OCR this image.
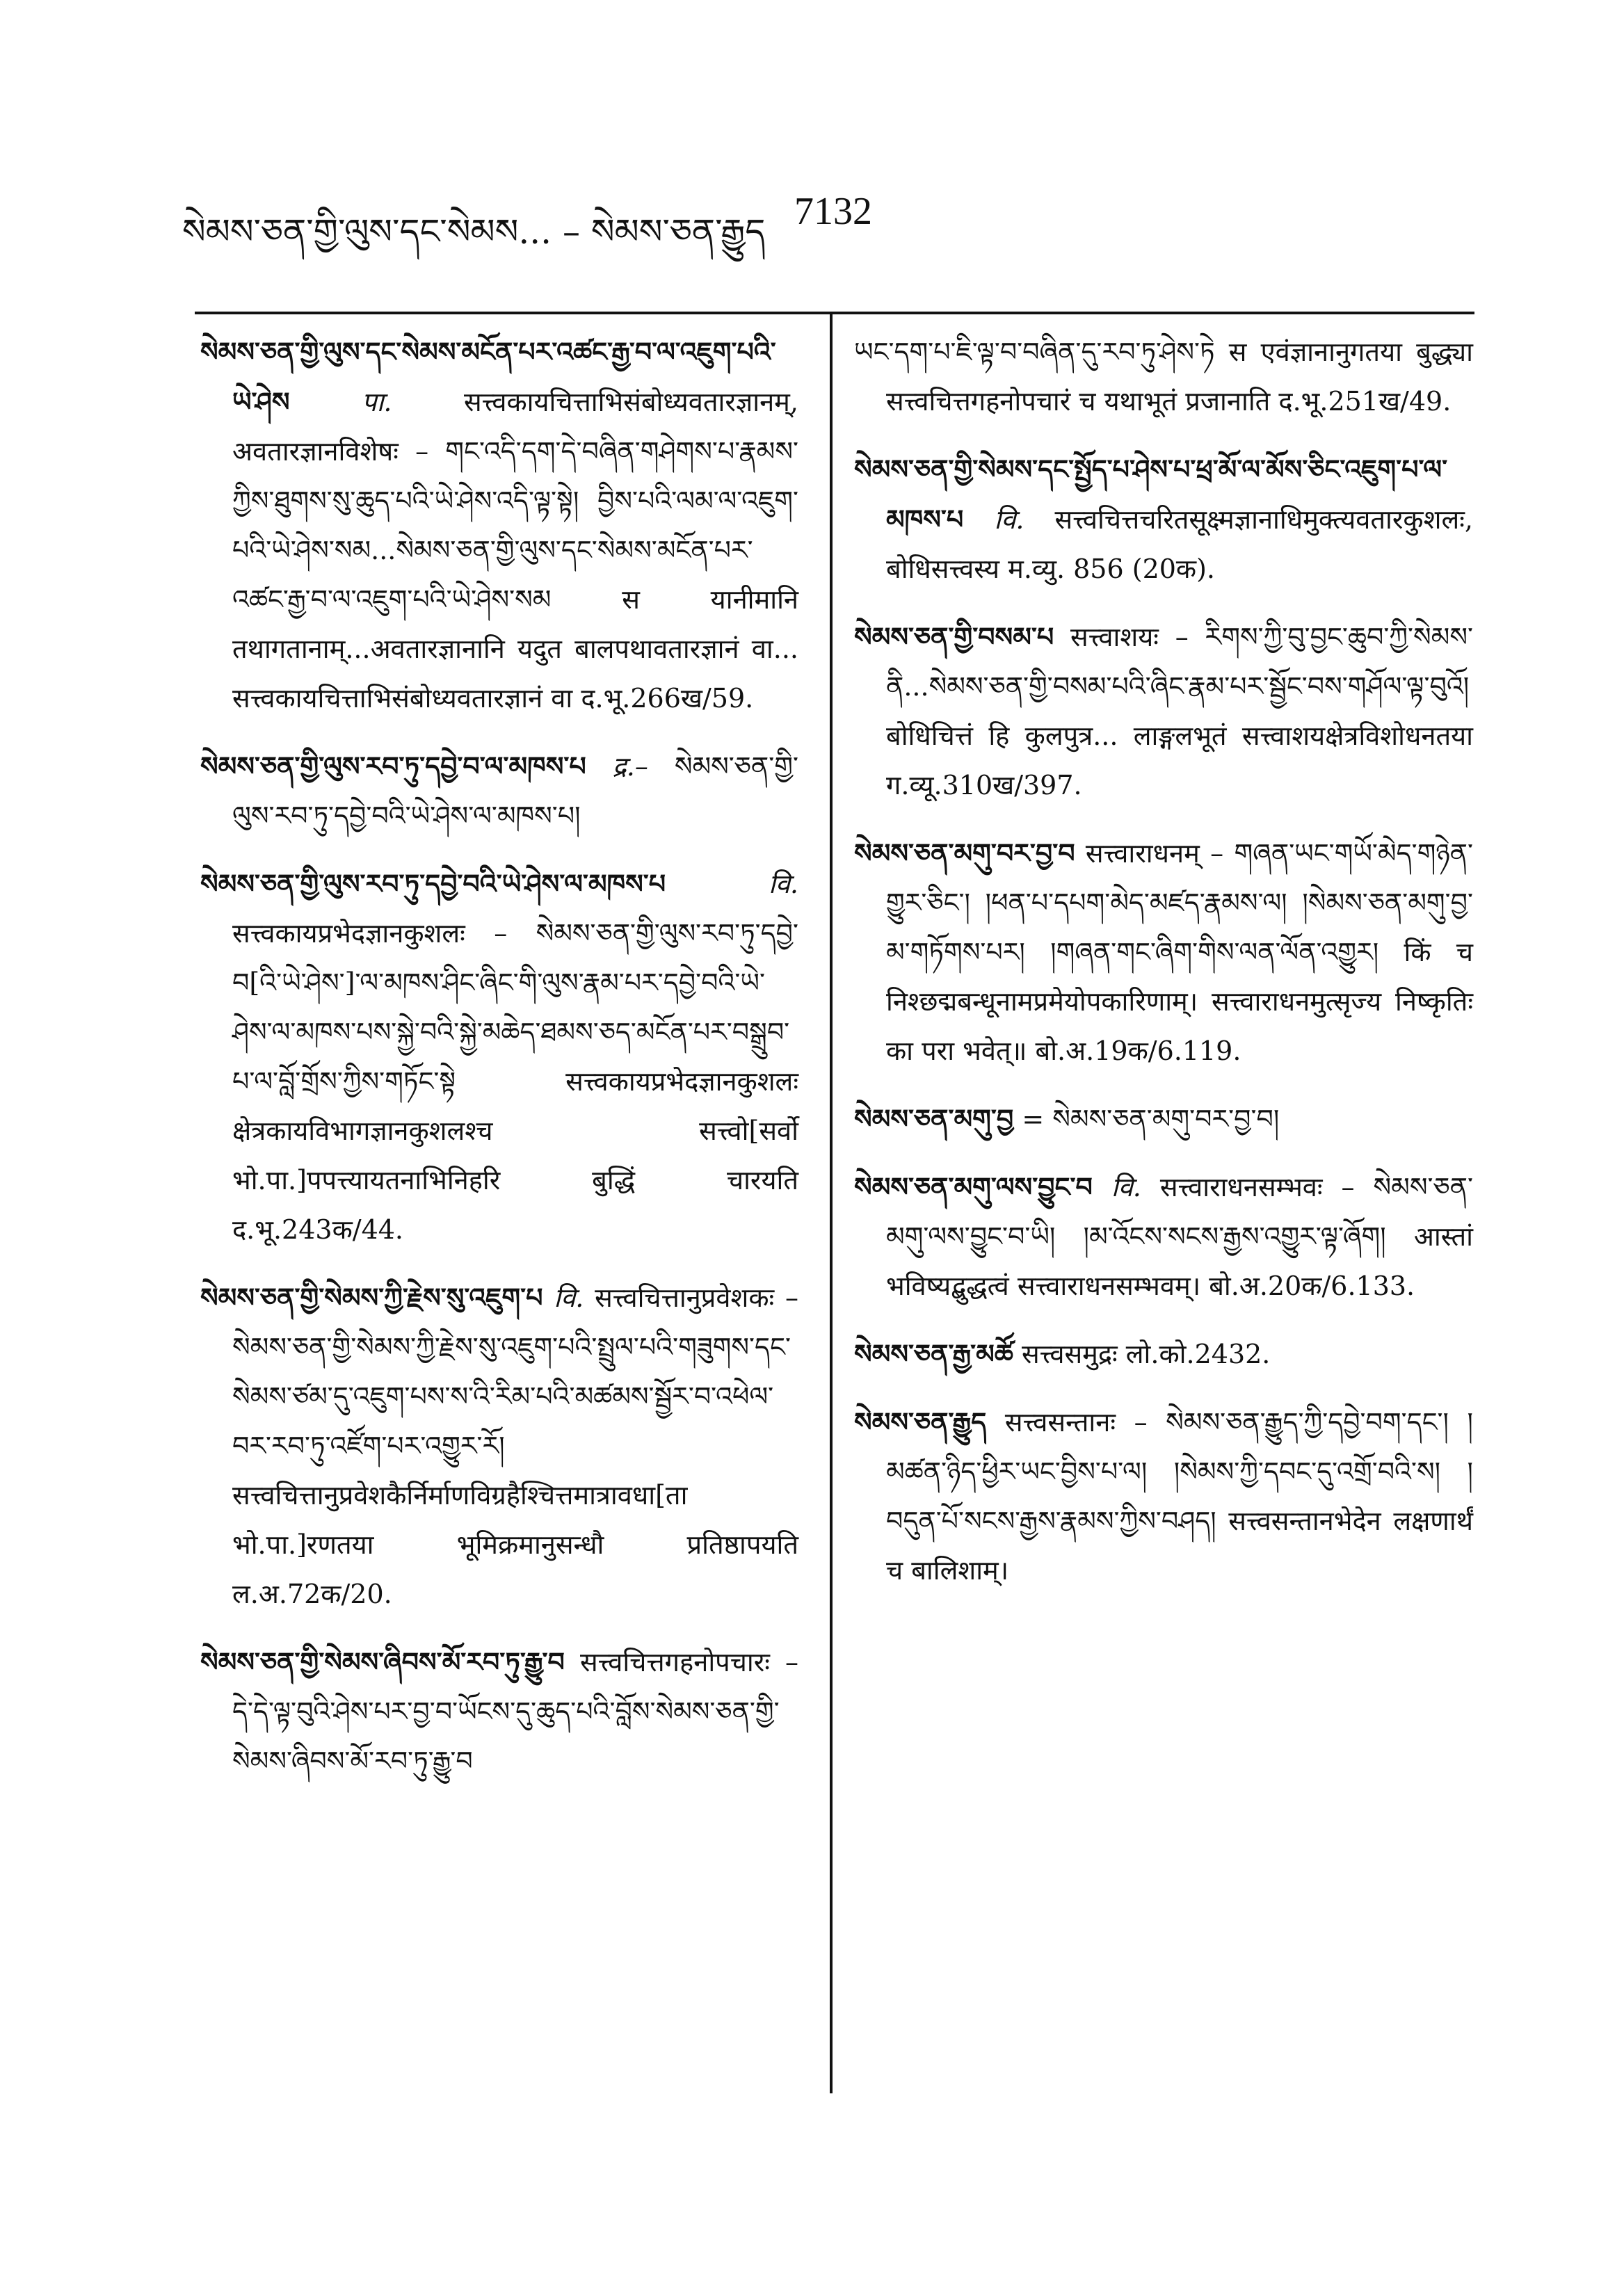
སེམས་ཅན་གྱི་ལུས་དང་སེམས... – སེམས་ཅན་རྒྱུད 7132

སེམས་ཅན་གྱི་ལུས་དང་སེམས་མངོན་པར་འཚང་རྒྱ་བ་ལ་འཇུག་པའི་ཡེ་ཤེས	पा.	सत्त्वकायचित्ताभिसंबोध्यवतारज्ञानम्, अवतारज्ञानविशेषः – གང་འདི་དག་དེ་བཞིན་གཤེགས་པ་རྣམས་ཀྱིས་ཐུགས་སུ་ཆུད་པའི་ཡེ་ཤེས་འདི་ལྟ་སྟེ། བྱིས་པའི་ལམ་ལ་འཇུག་པའི་ཡེ་ཤེས་སམ...སེམས་ཅན་གྱི་ལུས་དང་སེམས་མངོན་པར་འཚང་རྒྱ་བ་ལ་འཇུག་པའི་ཡེ་ཤེས་སམ स यानीमानि तथागतानाम्...अवतारज्ञानानि यदुत बालपथावतारज्ञानं वा... सत्त्वकायचित्ताभिसंबोध्यवतारज्ञानं वा द.भू.266ख/59.

སེམས་ཅན་གྱི་ལུས་རབ་ཏུ་དབྱེ་བ་ལ་མཁས་པ द्र.– སེམས་ཅན་གྱི་ལུས་རབ་ཏུ་དབྱེ་བའི་ཡེ་ཤེས་ལ་མཁས་པ།

སེམས་ཅན་གྱི་ལུས་རབ་ཏུ་དབྱེ་བའི་ཡེ་ཤེས་ལ་མཁས་པ	वि. सत्त्वकायप्रभेदज्ञानकुशलः – སེམས་ཅན་གྱི་ལུས་རབ་ཏུ་དབྱེ་བ[འི་ཡེ་ཤེས་]་ལ་མཁས་ཤིང་ཞིང་གི་ལུས་རྣམ་པར་དབྱེ་བའི་ཡེ་ཤེས་ལ་མཁས་པས་སྐྱེ་བའི་སྐྱེ་མཆེད་ཐམས་ཅད་མངོན་པར་བསྒྲུབ་པ་ལ་བློ་གྲོས་ཀྱིས་གཏོང་སྟེ सत्त्वकायप्रभेदज्ञानकुशलः क्षेत्रकायविभागज्ञानकुशलश्च सत्त्वो[सर्वो भो.पा.]पपत्त्यायतनाभिनिहरि बुद्धिं चारयति द.भू.243क/44.

སེམས་ཅན་གྱི་སེམས་ཀྱི་རྗེས་སུ་འཇུག་པ वि. सत्त्वचित्तानुप्रवेशकः – སེམས་ཅན་གྱི་སེམས་ཀྱི་རྗེས་སུ་འཇུག་པའི་སྤྲུལ་པའི་གཟུགས་དང་སེམས་ཙམ་དུ་འཇུག་པས་ས་འི་རིམ་པའི་མཚམས་སྦྱོར་བ་འཕེལ་བར་རབ་ཏུ་འཛོག་པར་འགྱུར་རོ། सत्त्वचित्तानुप्रवेशकैर्निर्माणविग्रहैश्चित्तमात्रावधा[ता भो.पा.]रणतया भूमिक्रमानुसन्धौ प्रतिष्ठापयति ल.अ.72क/20.

སེམས་ཅན་གྱི་སེམས་ཞིབས་མོ་རབ་ཏུ་རྒྱུ་བ सत्त्वचित्तगहनोपचारः – དེ་དེ་ལྟ་བུའི་ཤེས་པར་བྱ་བ་ཡོངས་དུ་ཆུད་པའི་བློས་སེམས་ཅན་གྱི་སེམས་ཞིབས་མོ་རབ་ཏུ་རྒྱུ་བ

ཡང་དག་པ་ཇི་ལྟ་བ་བཞིན་དུ་རབ་ཏུ་ཤེས་ཏེ स एवंज्ञानानुगतया बुद्ध्या सत्त्वचित्तगहनोपचारं च यथाभूतं प्रजानाति द.भू.251ख/49.

སེམས་ཅན་གྱི་སེམས་དང་སྤྱོད་པ་ཤེས་པ་ཕྲ་མོ་ལ་མོས་ཅིང་འཇུག་པ་ལ་མཁས་པ वि. सत्त्वचित्तचरितसूक्ष्मज्ञानाधिमुक्त्यवतारकुशलः, बोधिसत्त्वस्य म.व्यु. 856 (20क).

སེམས་ཅན་གྱི་བསམ་པ सत्त्वाशयः – རིགས་ཀྱི་བུ་བྱང་ཆུབ་ཀྱི་སེམས་ནི...སེམས་ཅན་གྱི་བསམ་པའི་ཞིང་རྣམ་པར་སྦྱོང་བས་གཤོལ་ལྟ་བུའོ། बोधिचित्तं हि कुलपुत्र... लाङ्गलभूतं सत्त्वाशयक्षेत्रविशोधनतया ग.व्यू.310ख/397.

སེམས་ཅན་མགུ་བར་བྱ་བ सत्त्वाराधनम् – གཞན་ཡང་གཡོ་མེད་གཉེན་གྱུར་ཅིང་། །ཕན་པ་དཔག་མེད་མཛད་རྣམས་ལ། །སེམས་ཅན་མགུ་བྱ་མ་གཏོགས་པར། །གཞན་གང་ཞིག་གིས་ལན་ལོན་འགྱུར། किं च निश्छद्मबन्धूनामप्रमेयोपकारिणाम्। सत्त्वाराधनमुत्सृज्य निष्कृतिः का परा भवेत्॥ बो.अ.19क/6.119.

སེམས་ཅན་མགུ་བྱ = སེམས་ཅན་མགུ་བར་བྱ་བ།

སེམས་ཅན་མགུ་ལས་བྱུང་བ वि. सत्त्वाराधनसम्भवः – སེམས་ཅན་མགུ་ལས་བྱུང་བ་ཡི། །མ་འོངས་སངས་རྒྱས་འགྱུར་ལྟ་ཞོག། आस्तां भविष्यद्बुद्धत्वं सत्त्वाराधनसम्भवम्। बो.अ.20क/6.133.

སེམས་ཅན་རྒྱ་མཚོ सत्त्वसमुद्रः लो.को.2432.

སེམས་ཅན་རྒྱུད सत्त्वसन्तानः – སེམས་ཅན་རྒྱུད་ཀྱི་དབྱེ་བག་དང་། །མཚན་ཉིད་ཕྱིར་ཡང་བྱིས་པ་ལ། །སེམས་ཀྱི་དབང་དུ་འགྲོ་བའི་ས། །བདུན་པོ་སངས་རྒྱས་རྣམས་ཀྱིས་བཤད། सत्त्वसन्तानभेदेन लक्षणार्थं च बालिशाम्।
